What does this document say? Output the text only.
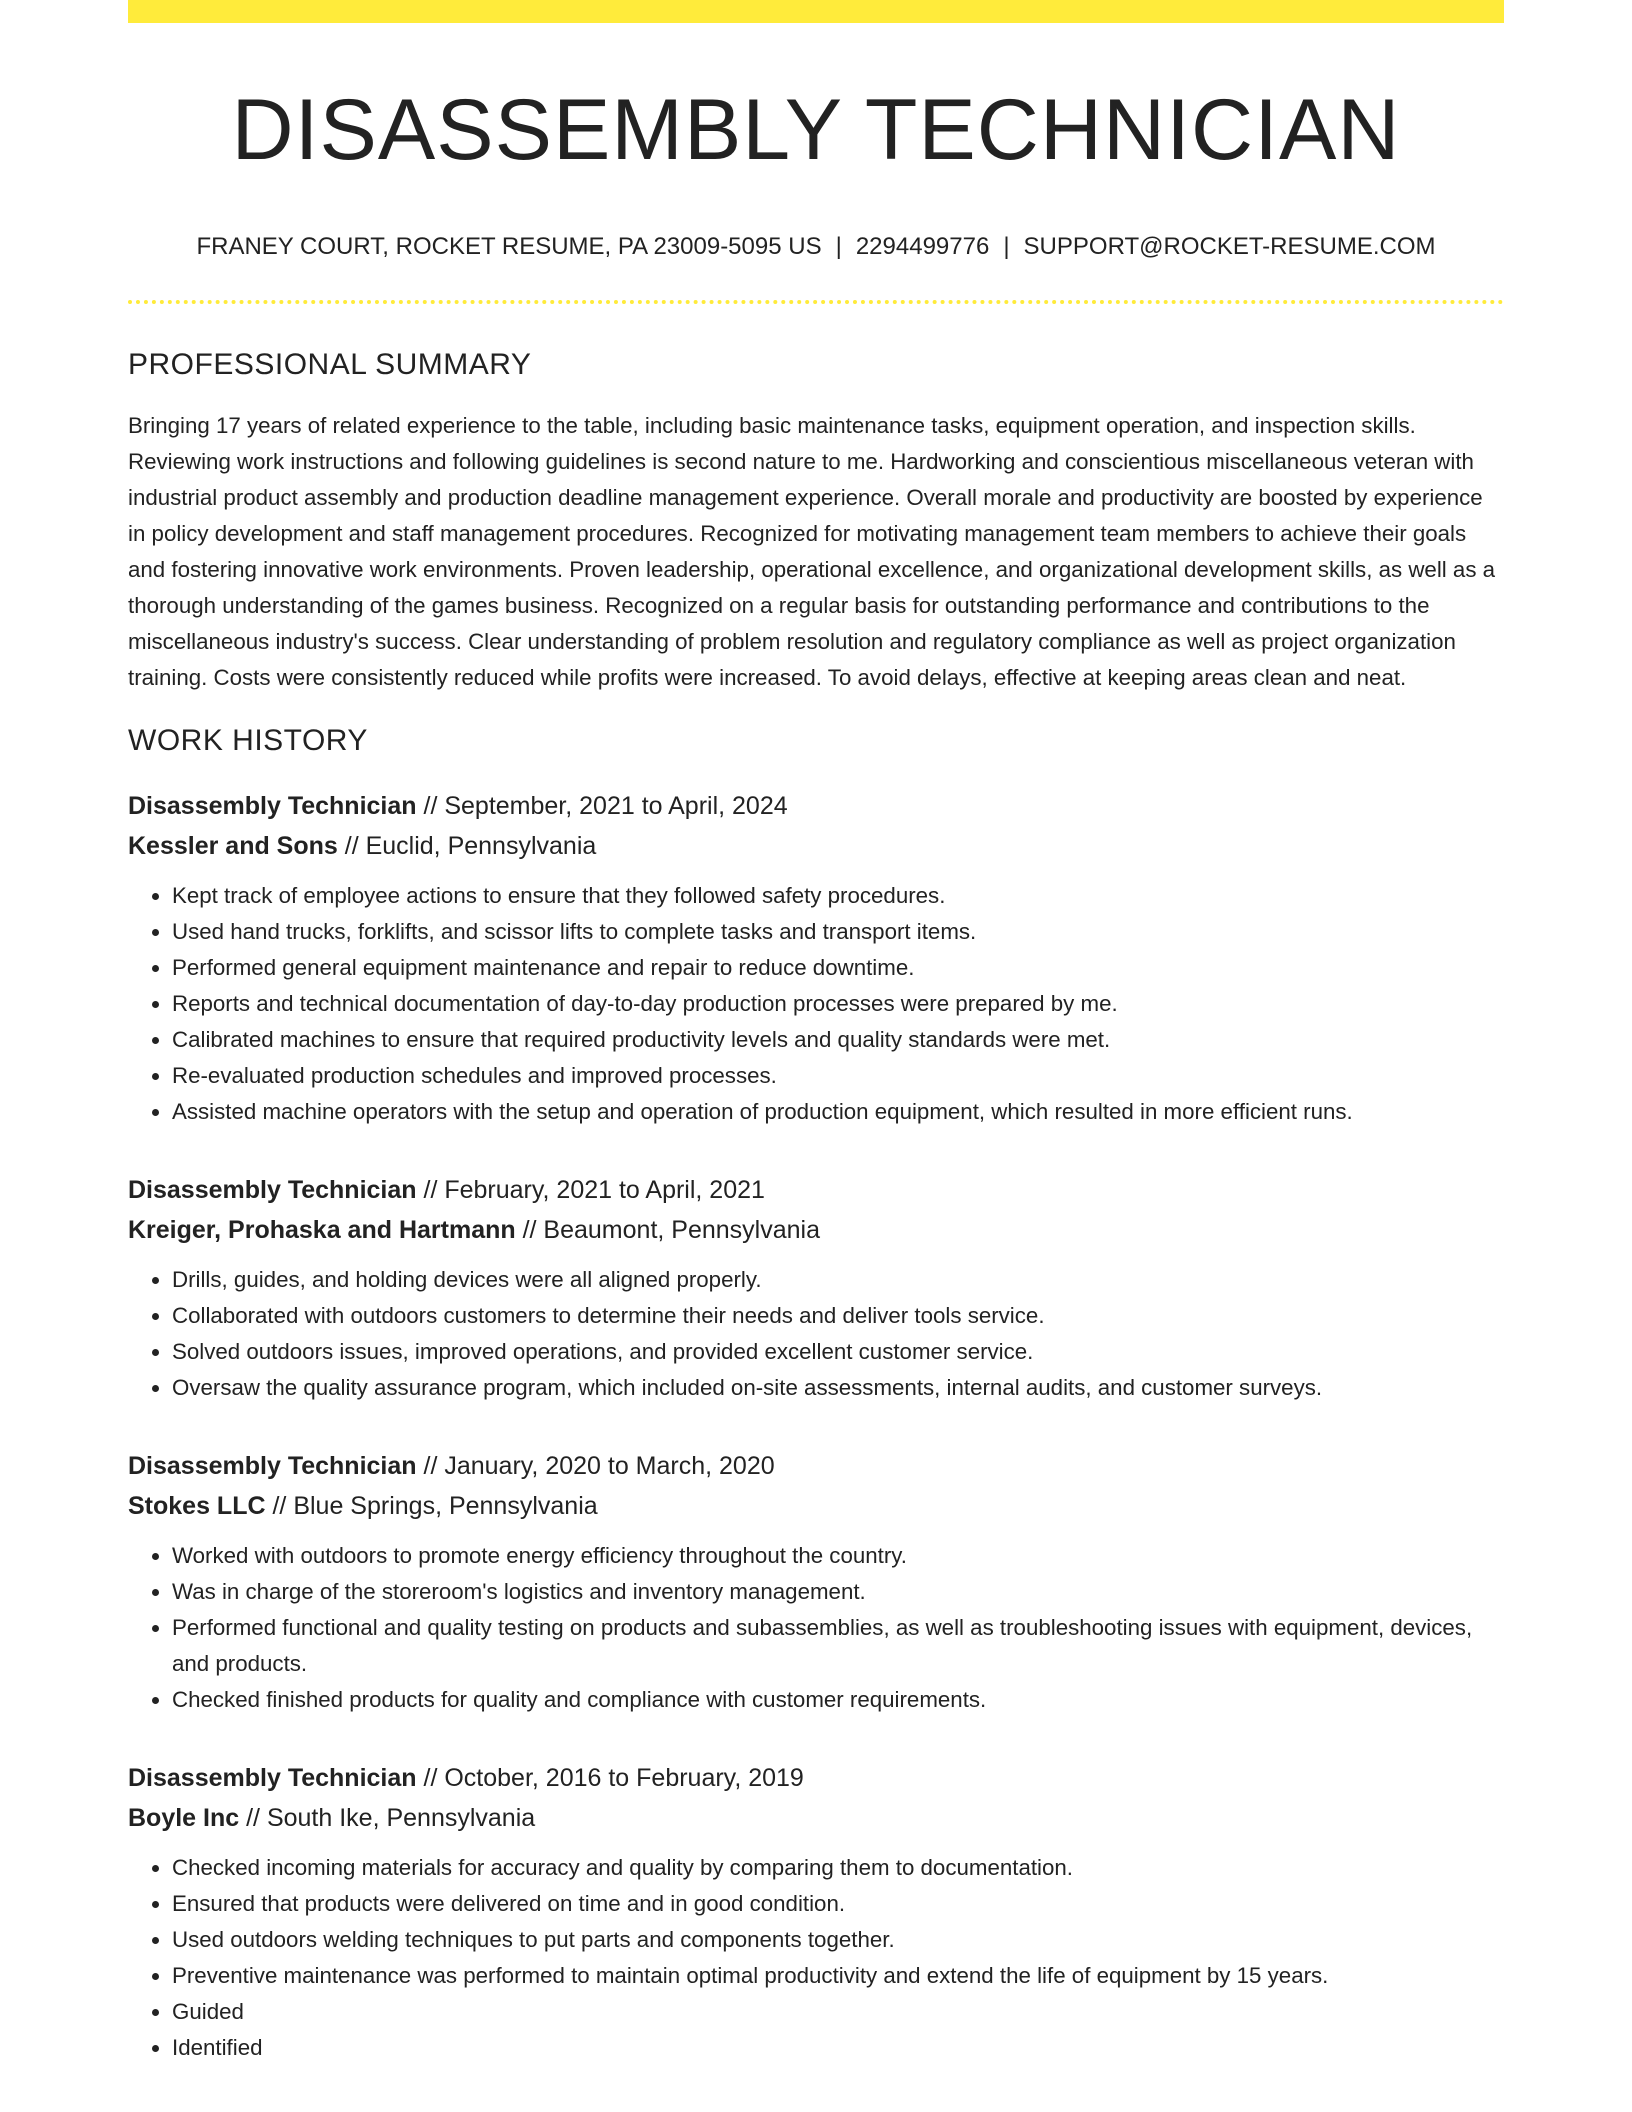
DISASSEMBLY TECHNICIAN
FRANEY COURT, ROCKET RESUME, PA 23009-5095 US | 2294499776 | SUPPORT@ROCKET-RESUME.COM
PROFESSIONAL SUMMARY
Bringing 17 years of related experience to the table, including basic maintenance tasks, equipment operation, and inspection skills. Reviewing work instructions and following guidelines is second nature to me. Hardworking and conscientious miscellaneous veteran with industrial product assembly and production deadline management experience. Overall morale and productivity are boosted by experience in policy development and staff management procedures. Recognized for motivating management team members to achieve their goals and fostering innovative work environments. Proven leadership, operational excellence, and organizational development skills, as well as a thorough understanding of the games business. Recognized on a regular basis for outstanding performance and contributions to the miscellaneous industry's success. Clear understanding of problem resolution and regulatory compliance as well as project organization training. Costs were consistently reduced while profits were increased. To avoid delays, effective at keeping areas clean and neat.
WORK HISTORY
Disassembly Technician // September, 2021 to April, 2024
Kessler and Sons // Euclid, Pennsylvania
• Kept track of employee actions to ensure that they followed safety procedures.
• Used hand trucks, forklifts, and scissor lifts to complete tasks and transport items.
• Performed general equipment maintenance and repair to reduce downtime.
• Reports and technical documentation of day-to-day production processes were prepared by me.
• Calibrated machines to ensure that required productivity levels and quality standards were met.
• Re-evaluated production schedules and improved processes.
• Assisted machine operators with the setup and operation of production equipment, which resulted in more efficient runs.
Disassembly Technician // February, 2021 to April, 2021
Kreiger, Prohaska and Hartmann // Beaumont, Pennsylvania
• Drills, guides, and holding devices were all aligned properly.
• Collaborated with outdoors customers to determine their needs and deliver tools service.
• Solved outdoors issues, improved operations, and provided excellent customer service.
• Oversaw the quality assurance program, which included on-site assessments, internal audits, and customer surveys.
Disassembly Technician // January, 2020 to March, 2020
Stokes LLC // Blue Springs, Pennsylvania
• Worked with outdoors to promote energy efficiency throughout the country.
• Was in charge of the storeroom's logistics and inventory management.
• Performed functional and quality testing on products and subassemblies, as well as troubleshooting issues with equipment, devices, and products.
• Checked finished products for quality and compliance with customer requirements.
Disassembly Technician // October, 2016 to February, 2019
Boyle Inc // South Ike, Pennsylvania
• Checked incoming materials for accuracy and quality by comparing them to documentation.
• Ensured that products were delivered on time and in good condition.
• Used outdoors welding techniques to put parts and components together.
• Preventive maintenance was performed to maintain optimal productivity and extend the life of equipment by 15 years.
• Guided
• Identified
